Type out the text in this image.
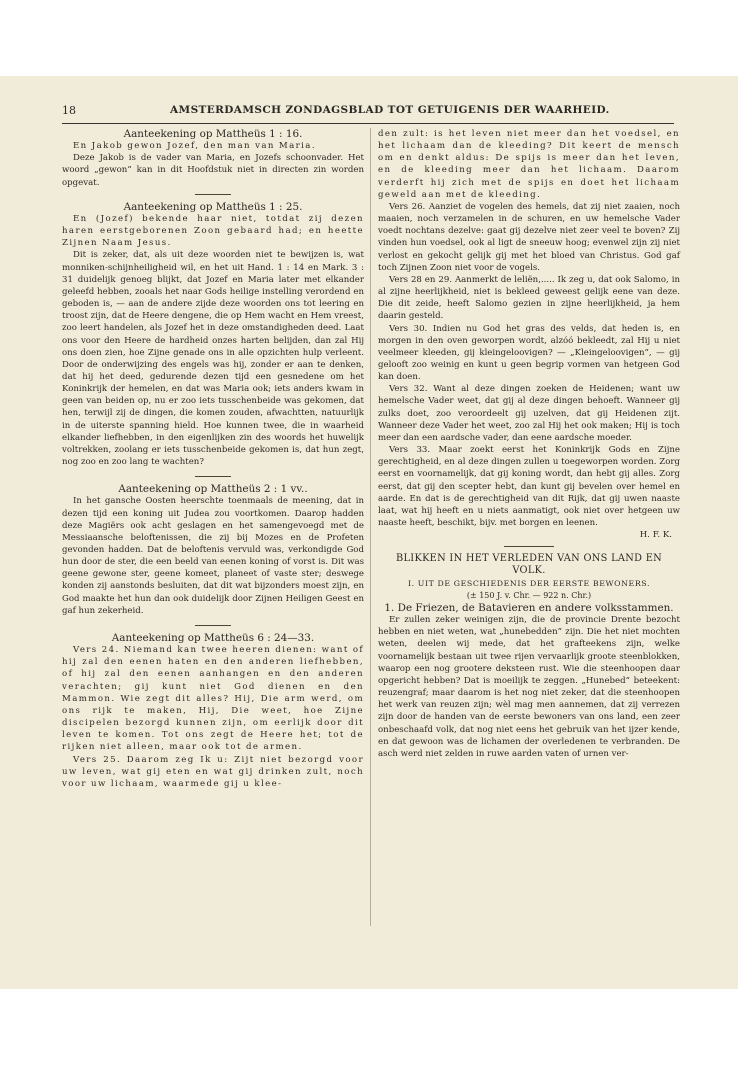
18	AMSTERDAMSCH ZONDAGSBLAD TOT GETUIGENIS DER WAARHEID.

Aanteekening op Mattheüs 1 : 16.

En Jakob gewon Jozef, den man van Maria.

Deze Jakob is de vader van Maria, en Jozefs schoonvader. Het woord „gewon” kan in dit Hoofdstuk niet in directen zin worden opgevat.

Aanteekening op Mattheüs 1 : 25.

En (Jozef) bekende haar niet, totdat zij dezen haren eerstgeborenen Zoon gebaard had; en heette Zijnen Naam Jesus.

Dit is zeker, dat, als uit deze woorden niet te bewijzen is, wat monniken-schijnheiligheid wil, en het uit Hand. 1 : 14 en Mark. 3 : 31 duidelijk genoeg blijkt, dat Jozef en Maria later met elkander geleefd hebben, zooals het naar Gods heilige instelling verordend en geboden is, — aan de andere zijde deze woorden ons tot leering en troost zijn, dat de Heere dengene, die op Hem wacht en Hem vreest, zoo leert handelen, als Jozef het in deze omstandigheden deed. Laat ons voor den Heere de hardheid onzes harten belijden, dan zal Hij ons doen zien, hoe Zijne genade ons in alle opzichten hulp verleent. Door de onderwijzing des engels was hij, zonder er aan te denken, dat hij het deed, gedurende dezen tijd een gesnedene om het Koninkrijk der hemelen, en dat was Maria ook; iets anders kwam in geen van beiden op, nu er zoo iets tusschenbeide was gekomen, dat hen, terwijl zij de dingen, die komen zouden, afwachtten, natuurlijk in de uiterste spanning hield. Hoe kunnen twee, die in waarheid elkander liefhebben, in den eigenlijken zin des woords het huwelijk voltrekken, zoolang er iets tusschenbeide gekomen is, dat hun zegt, nog zoo en zoo lang te wachten?

Aanteekening op Mattheüs 2 : 1 vv..

In het gansche Oosten heerschte toenmaals de meening, dat in dezen tijd een koning uit Judea zou voortkomen. Daarop hadden deze Magiërs ook acht geslagen en het samengevoegd met de Messiaansche beloftenissen, die zij bij Mozes en de Profeten gevonden hadden. Dat de beloftenis vervuld was, verkondigde God hun door de ster, die een beeld van eenen koning of vorst is. Dit was geene gewone ster, geene komeet, planeet of vaste ster; deswege konden zij aanstonds besluiten, dat dit wat bijzonders moest zijn, en God maakte het hun dan ook duidelijk door Zijnen Heiligen Geest en gaf hun zekerheid.

Aanteekening op Mattheüs 6 : 24—33.

Vers 24. Niemand kan twee heeren dienen: want of hij zal den eenen haten en den anderen liefhebben, of hij zal den eenen aanhangen en den anderen verachten; gij kunt niet God dienen en den Mammon. Wie zegt dit alles? Hij, Die arm werd, om ons rijk te maken, Hij, Die weet, hoe Zijne discipelen bezorgd kunnen zijn, om eerlijk door dit leven te komen. Tot ons zegt de Heere het; tot de rijken niet alleen, maar ook tot de armen.

Vers 25. Daarom zeg Ik u: Zijt niet bezorgd voor uw leven, wat gij eten en wat gij drinken zult, noch voor uw lichaam, waarmede gij u klee-

den zult: is het leven niet meer dan het voedsel, en het lichaam dan de kleeding? Dit keert de mensch om en denkt aldus: De spijs is meer dan het leven, en de kleeding meer dan het lichaam. Daarom verderft hij zich met de spijs en doet het lichaam geweld aan met de kleeding.

Vers 26. Aanziet de vogelen des hemels, dat zij niet zaaien, noch maaien, noch verzamelen in de schuren, en uw hemelsche Vader voedt nochtans dezelve: gaat gij dezelve niet zeer veel te boven? Zij vinden hun voedsel, ook al ligt de sneeuw hoog; evenwel zijn zij niet verlost en gekocht gelijk gij met het bloed van Christus. God gaf toch Zijnen Zoon niet voor de vogels.

Vers 28 en 29. Aanmerkt de leliën,..... Ik zeg u, dat ook Salomo, in al zijne heerlijkheid, niet is bekleed geweest gelijk eene van deze. Die dit zeide, heeft Salomo gezien in zijne heerlijkheid, ja hem daarin gesteld.

Vers 30. Indien nu God het gras des velds, dat heden is, en morgen in den oven geworpen wordt, alzóó bekleedt, zal Hij u niet veelmeer kleeden, gij kleingeloovigen? — „Kleingeloovigen”, — gij gelooft zoo weinig en kunt u geen begrip vormen van hetgeen God kan doen.

Vers 32. Want al deze dingen zoeken de Heidenen; want uw hemelsche Vader weet, dat gij al deze dingen behoeft. Wanneer gij zulks doet, zoo veroordeelt gij uzelven, dat gij Heidenen zijt. Wanneer deze Vader het weet, zoo zal Hij het ook maken; Hij is toch meer dan een aardsche vader, dan eene aardsche moeder.

Vers 33. Maar zoekt eerst het Koninkrijk Gods en Zijne gerechtigheid, en al deze dingen zullen u toegeworpen worden. Zorg eerst en voornamelijk, dat gij koning wordt, dan hebt gij alles. Zorg eerst, dat gij den scepter hebt, dan kunt gij bevelen over hemel en aarde. En dat is de gerechtigheid van dit Rijk, dat gij uwen naaste laat, wat hij heeft en u niets aanmatigt, ook niet over hetgeen uw naaste heeft, beschikt, bijv. met borgen en leenen.

H. F. K.

BLIKKEN IN HET VERLEDEN VAN ONS LAND EN VOLK.

I. UIT DE GESCHIEDENIS DER EERSTE BEWONERS.

(± 150 J. v. Chr. — 922 n. Chr.)

1. De Friezen, de Batavieren en andere volksstammen.

Er zullen zeker weinigen zijn, die de provincie Drente bezocht hebben en niet weten, wat „hunebedden” zijn. Die het niet mochten weten, deelen wij mede, dat het grafteekens zijn, welke voornamelijk bestaan uit twee rijen vervaarlijk groote steenblokken, waarop een nog grootere deksteen rust. Wie die steenhoopen daar opgericht hebben? Dat is moeilijk te zeggen. „Hunebed” beteekent: reuzengraf; maar daarom is het nog niet zeker, dat die steenhoopen het werk van reuzen zijn; wèl mag men aannemen, dat zij verrezen zijn door de handen van de eerste bewoners van ons land, een zeer onbeschaafd volk, dat nog niet eens het gebruik van het ijzer kende, en dat gewoon was de lichamen der overledenen te verbranden. De asch werd niet zelden in ruwe aarden vaten of urnen ver-
